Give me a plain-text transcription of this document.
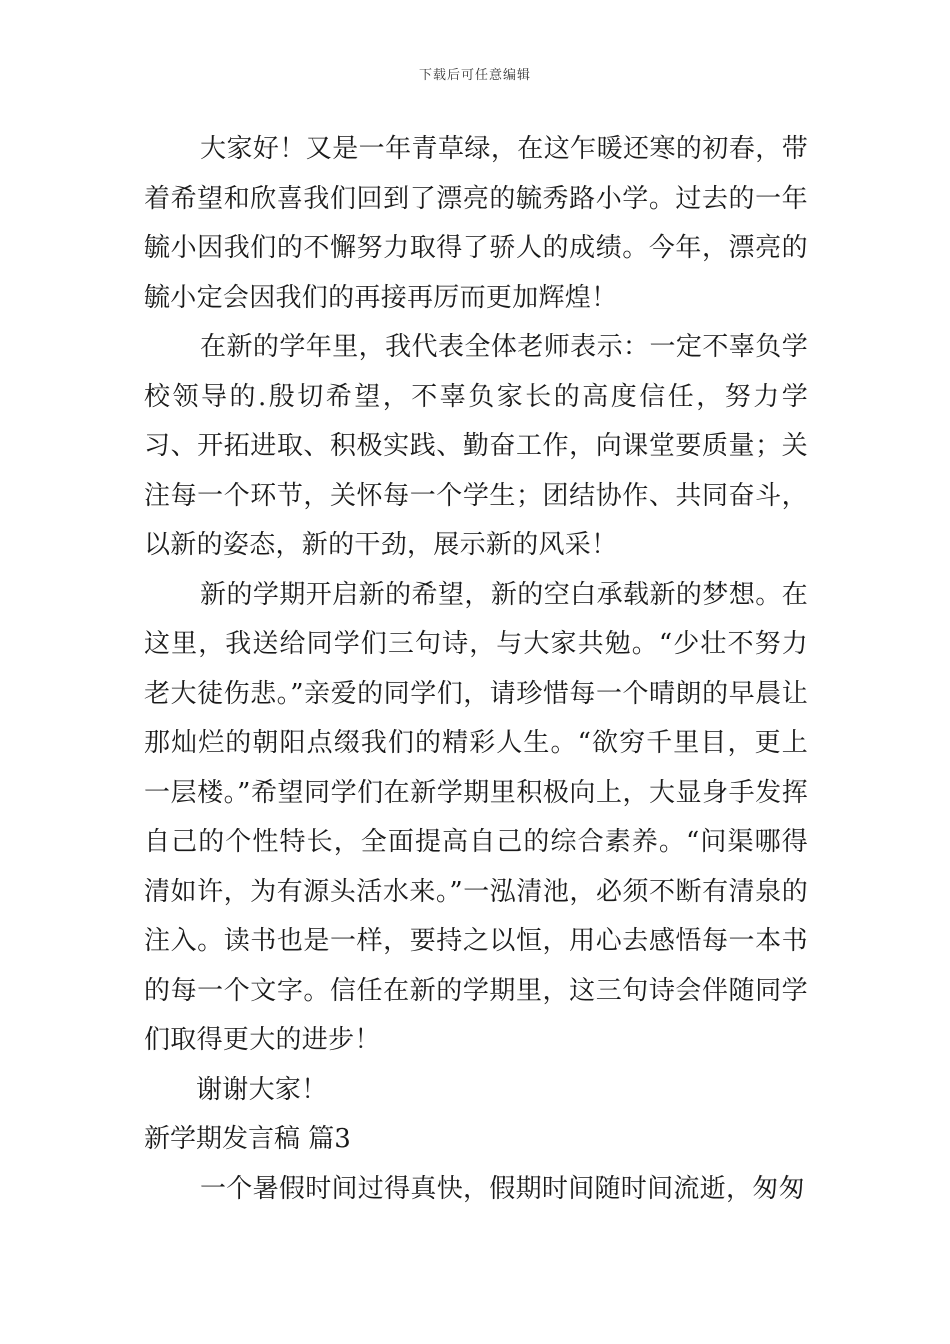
下载后可任意编辑

大家好！又是一年青草绿，在这乍暖还寒的初春，带着希望和欣喜我们回到了漂亮的毓秀路小学。过去的一年毓小因我们的不懈努力取得了骄人的成绩。今年，漂亮的毓小定会因我们的再接再厉而更加辉煌！

在新的学年里，我代表全体老师表示：一定不辜负学校领导的.殷切希望，不辜负家长的高度信任，努力学习、开拓进取、积极实践、勤奋工作，向课堂要质量；关注每一个环节，关怀每一个学生；团结协作、共同奋斗，以新的姿态，新的干劲，展示新的风采！

新的学期开启新的希望，新的空白承载新的梦想。在这里，我送给同学们三句诗，与大家共勉。“少壮不努力老大徒伤悲。”亲爱的同学们，请珍惜每一个晴朗的早晨让那灿烂的朝阳点缀我们的精彩人生。“欲穷千里目，更上一层楼。”希望同学们在新学期里积极向上，大显身手发挥自己的个性特长，全面提高自己的综合素养。“问渠哪得清如许，为有源头活水来。”一泓清池，必须不断有清泉的注入。读书也是一样，要持之以恒，用心去感悟每一本书的每一个文字。信任在新的学期里，这三句诗会伴随同学们取得更大的进步！

谢谢大家！

新学期发言稿 篇3

一个暑假时间过得真快，假期时间随时间流逝，匆匆
